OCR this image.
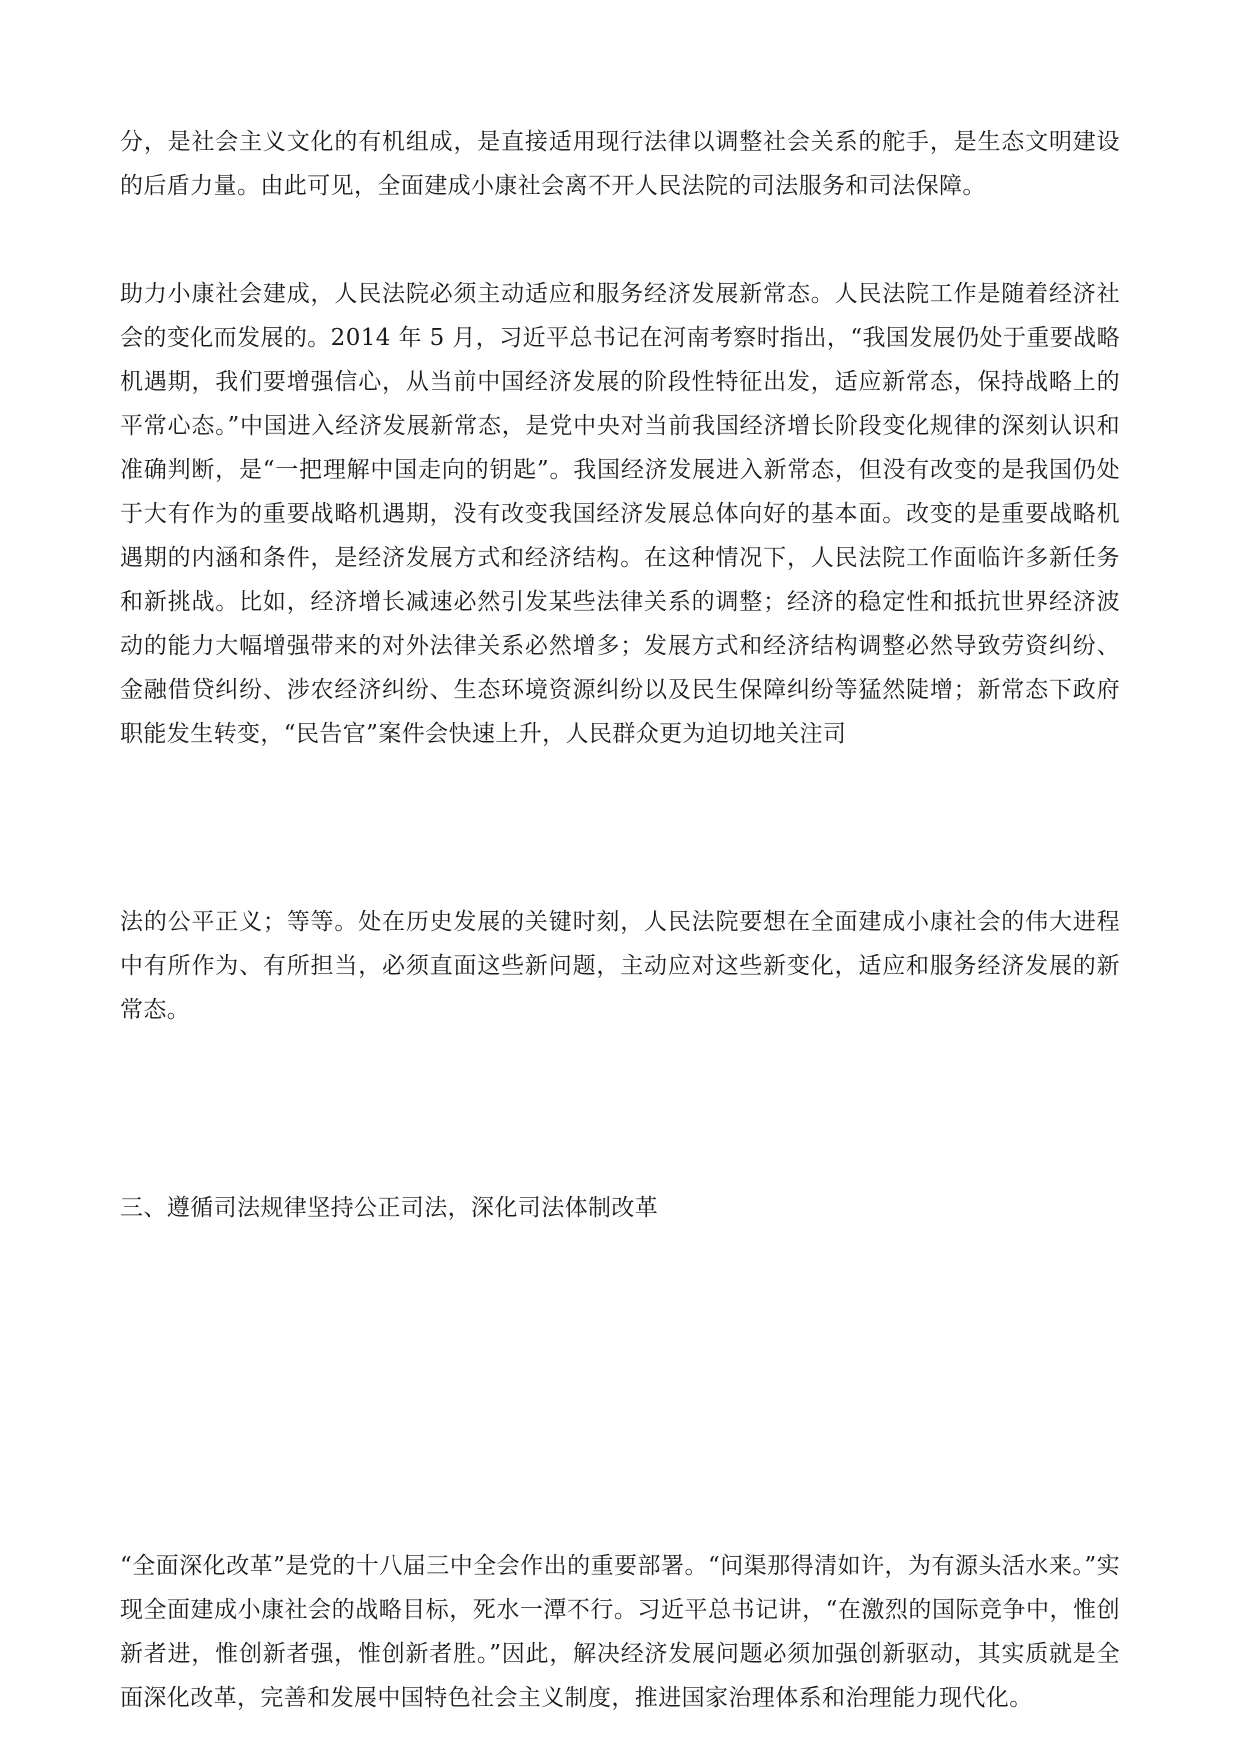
分，是社会主义文化的有机组成，是直接适用现行法律以调整社会关系的舵手，是生态文明建设的后盾力量。由此可见，全面建成小康社会离不开人民法院的司法服务和司法保障。

助力小康社会建成，人民法院必须主动适应和服务经济发展新常态。人民法院工作是随着经济社会的变化而发展的。2014 年 5 月，习近平总书记在河南考察时指出，“我国发展仍处于重要战略机遇期，我们要增强信心，从当前中国经济发展的阶段性特征出发，适应新常态，保持战略上的平常心态。”中国进入经济发展新常态，是党中央对当前我国经济增长阶段变化规律的深刻认识和准确判断，是“一把理解中国走向的钥匙”。我国经济发展进入新常态，但没有改变的是我国仍处于大有作为的重要战略机遇期，没有改变我国经济发展总体向好的基本面。改变的是重要战略机遇期的内涵和条件，是经济发展方式和经济结构。在这种情况下，人民法院工作面临许多新任务和新挑战。比如，经济增长减速必然引发某些法律关系的调整；经济的稳定性和抵抗世界经济波动的能力大幅增强带来的对外法律关系必然增多；发展方式和经济结构调整必然导致劳资纠纷、金融借贷纠纷、涉农经济纠纷、生态环境资源纠纷以及民生保障纠纷等猛然陡增；新常态下政府职能发生转变，“民告官”案件会快速上升，人民群众更为迫切地关注司

法的公平正义；等等。处在历史发展的关键时刻，人民法院要想在全面建成小康社会的伟大进程中有所作为、有所担当，必须直面这些新问题，主动应对这些新变化，适应和服务经济发展的新常态。

三、遵循司法规律坚持公正司法，深化司法体制改革

“全面深化改革”是党的十八届三中全会作出的重要部署。“问渠那得清如许，为有源头活水来。”实现全面建成小康社会的战略目标，死水一潭不行。习近平总书记讲，“在激烈的国际竞争中，惟创新者进，惟创新者强，惟创新者胜。”因此，解决经济发展问题必须加强创新驱动，其实质就是全面深化改革，完善和发展中国特色社会主义制度，推进国家治理体系和治理能力现代化。
